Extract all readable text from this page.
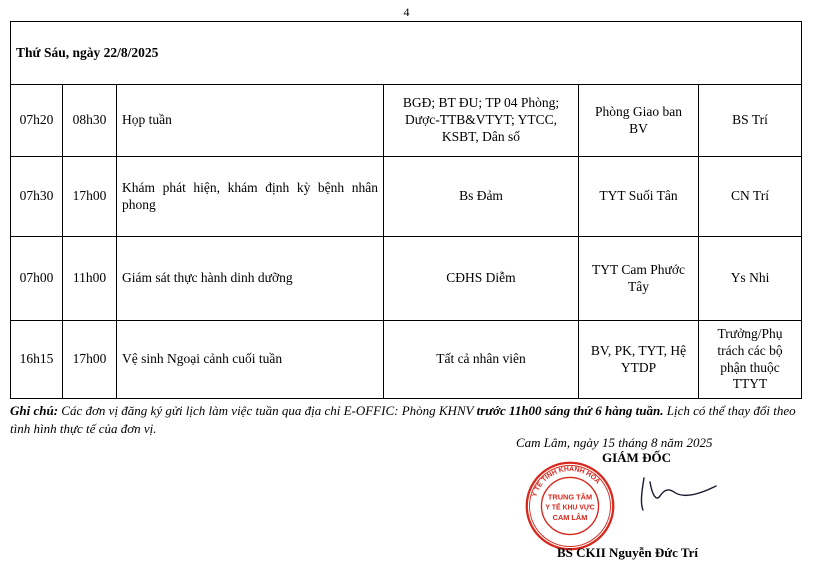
4
Thứ Sáu, ngày 22/8/2025					
07h20	08h30	Họp tuần	BGĐ; BT ĐU; TP 04 Phòng; Dược-TTB&VTYT; YTCC, KSBT, Dân số	Phòng Giao ban BV	BS Trí
07h30	17h00	Khám phát hiện, khám định kỳ bệnh nhân phong	Bs Đảm	TYT Suối Tân	CN Trí
07h00	11h00	Giám sát thực hành dinh dưỡng	CĐHS Diễm	TYT Cam Phước Tây	Ys Nhi
16h15	17h00	Vệ sinh Ngoại cảnh cuối tuần	Tất cả nhân viên	BV, PK, TYT, Hệ YTDP	Trưởng/Phụ trách các bộ phận thuộc TTYT
Ghi chú: Các đơn vị đăng ký gửi lịch làm việc tuần qua địa chỉ E-OFFIC: Phòng KHNV trước 11h00 sáng thứ 6 hàng tuần. Lịch có thể thay đổi theo tình hình thực tế của đơn vị.
Cam Lâm, ngày 15 tháng 8 năm 2025
GIÁM ĐỐC
Y TẾ TỈNH KHÁNH HÒA
TRUNG TÂM
Y TẾ KHU VỰC
CAM LÂM
BS CKII Nguyễn Đức Trí
